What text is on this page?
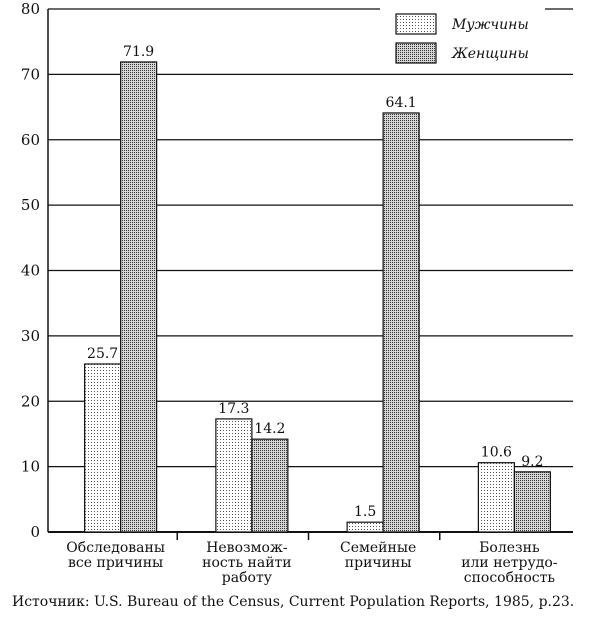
0
10
20
30
40
50
60
70
80
25.7
71.9
17.3
14.2
1.5
64.1
10.6
9.2
Обследованы все причины
Невозмож-ность найти работу
Семейные причины
Болезнь или нетрудо-способность
Мужчины
Женщины
Источник: U.S. Bureau of the Census, Current Population Reports, 1985, p.23.
